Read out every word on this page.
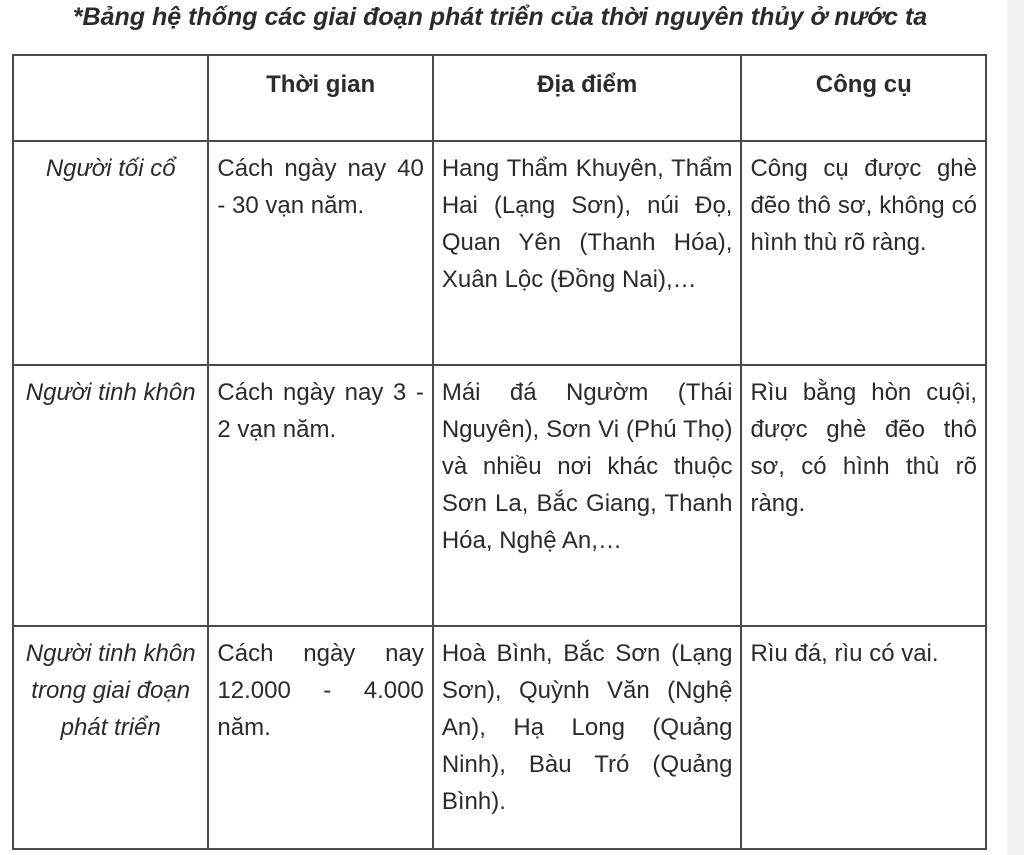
*Bảng hệ thống các giai đoạn phát triển của thời nguyên thủy ở nước ta
	Thời gian	Địa điểm	Công cụ
Người tối cổ	Cách ngày nay 40 - 30 vạn năm.	Hang Thẩm Khuyên, Thẩm Hai (Lạng Sơn), núi Đọ, Quan Yên (Thanh Hóa), Xuân Lộc (Đồng Nai),…	Công cụ được ghè đẽo thô sơ, không có hình thù rõ ràng.
Người tinh khôn	Cách ngày nay 3 - 2 vạn năm.	Mái đá Ngườm (Thái Nguyên), Sơn Vi (Phú Thọ) và nhiều nơi khác thuộc Sơn La, Bắc Giang, Thanh Hóa, Nghệ An,…	Rìu bằng hòn cuội, được ghè đẽo thô sơ, có hình thù rõ ràng.
Người tinh khôn trong giai đoạn phát triển	Cách ngày nay 12.000 - 4.000 năm.	Hoà Bình, Bắc Sơn (Lạng Sơn), Quỳnh Văn (Nghệ An), Hạ Long (Quảng Ninh), Bàu Tró (Quảng Bình).	Rìu đá, rìu có vai.
